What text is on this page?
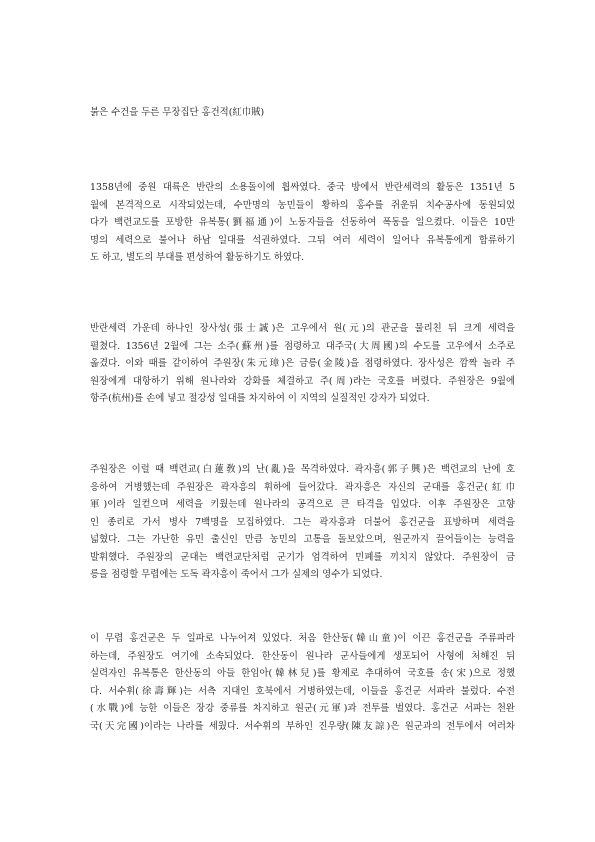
붉은 수건을 두른 무장집단 홍건적(紅巾賊)
1358년에 중원 대륙은 반란의 소용돌이에 휩싸였다. 중국 방에서 반란세력의 활동은 1351년 5
월에 본격적으로 시작되었는데, 수만명의 농민들이 황하의 홍수를 쥐운뒤 치수공사에 동원되었
다가 백련교도를 포방한 유복통(劉福通)이 노동자들을 선동하여 폭동을 일으켰다. 이들은 10만
명의 세력으로 불어나 하남 일대를 석권하였다. 그뒤 여러 세력이 일어나 유복통에게 합류하기
도 하고, 별도의 부대를 편성하여 활동하기도 하였다.
반란세력 가운데 하나인 장사성(張士誠)은 고우에서 원(元)의 관군을 물리친 뒤 크게 세력을
펼쳤다. 1356년 2월에 그는 소주(蘇州)를 점령하고 대주국(大周國)의 수도를 고우에서 소주로
옮겼다. 이와 때를 같이하여 주원장(朱元璋)은 금릉(金陵)을 점령하였다. 장사성은 깜짝 놀라 주
원장에게 대항하기 위해 원나라와 강화를 체결하고 주(周)라는 국호를 버렸다. 주원장은 9월에
항주(杭州)를 손에 넣고 절강성 일대를 차지하여 이 지역의 실질적인 강자가 되었다.
주원장은 이럴 때 백련교(白蓮敎)의 난(亂)을 목격하였다. 곽자흥(郭子興)은 백련교의 난에 호
응하여 거병했는데 주원장은 곽자흥의 휘하에 들어갔다. 곽자흥은 자신의 군대를 홍건군(紅巾
軍)이라 일컫으며 세력을 키웠는데 원나라의 공격으로 큰 타격을 입었다. 이후 주원장은 고향
인 종리로 가서 병사 7백명을 모집하였다. 그는 곽자흥과 더불어 홍건군을 표방하며 세력을
넓혔다. 그는 가난한 유민 출신인 만큼 농민의 고통을 돌보았으며, 원군까지 끌어들이는 능력을
발휘했다. 주원장의 군대는 백련교단처럼 군기가 엄격하여 민폐를 끼치지 않았다. 주원장이 금
릉을 점령할 무렵에는 도독 곽자흥이 죽어서 그가 실제의 영수가 되었다.
이 무렵 홍건군은 두 일파로 나누어져 있었다. 처음 한산동(韓山童)이 이끈 홍건군을 주류파라
하는데, 주원장도 여기에 소속되었다. 한산동이 원나라 군사들에게 생포되어 사형에 처해진 뒤
실력자인 유복통은 한산동의 아들 한임아(韓林兒)를 황제로 추대하여 국호를 송(宋)으로 정했
다. 서수휘(徐壽輝)는 서측 지대인 호북에서 거병하였는데, 이들을 홍건군 서파라 불렀다. 수전
(水戰)에 능한 이들은 장강 중류를 차지하고 원군(元軍)과 전투를 벌였다. 홍건군 서파는 천완
국(天完國)이라는 나라를 세웠다. 서수휘의 부하인 진우량(陳友諒)은 원군과의 전투에서 여러차
